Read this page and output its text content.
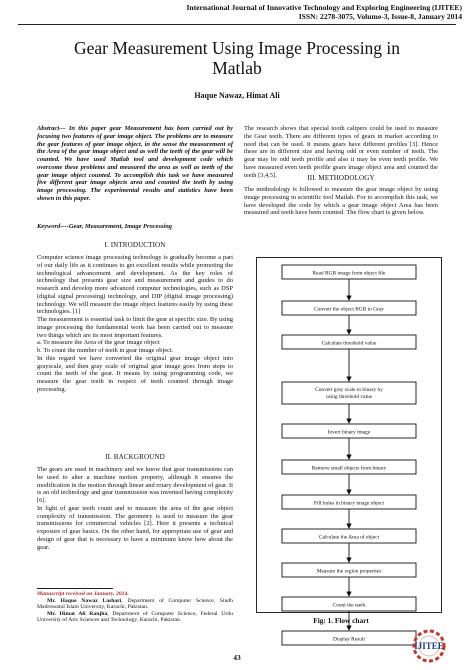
International Journal of Innovative Technology and Exploring Engineering (IJITEE)
ISSN: 2278-3075, Volume-3, Issue-8, January 2014
Gear Measurement Using Image Processing in
Matlab
Haque Nawaz, Himat Ali
Abstract— In this paper gear Measurement has been carried out by focusing two features of gear image object. The problems are to measure the gear features of gear image object, in the sense the measurement of the Area of the gear image object and as well the teeth of the gear will be counted. We have used Matlab tool and development code which overcome these problems and measured the area as well as teeth of the gear image object counted. To accomplish this task we have measured five different gear image objects area and counted the teeth by using image processing. The experimental results and statistics have been shown in this paper.
Keyword----Gear, Measurement, Image Processing
I. INTRODUCTION

Computer science image processing technology is gradually become a part of our daily life as it continues to get excellent results while promoting the technological advancement and development. As the key roles of technology that presents gear size and measurement and guides to do research and develop more advanced computer technologies, such as DSP (digital signal processing) technology, and DIP (digital image processing) technology. We will measure the image object features easily by using these technologies. [1]

The measurement is essential task to limit the gear at specific size. By using image processing the fundamental work has been carried out to measure two things which are its most important features.

a. To measure the Area of the gear image object

b. To count the number of teeth in gear image object.

In this regard we have converted the original gear image object into grayscale, and then gray scale of original gear image goes from steps to count the teeth of the gear. It means by using programming code, we measure the gear teeth in respect of teeth counted through image processing.

II. BACKGROUND

The gears are used in machinery and we know that gear transmissions can be used to alter a machine motion property, although it ensures the modification in the motion through linear and rotary development of gear. It is an old technology and gear transmission was invented having complexity [6].

In light of gear teeth count and to measure the area of the gear object complexity of transmission. The geometry is used to measure the gear transmissions for commercial vehicles [2]. Here it presents a technical exposure of gear basics. On the other hand, for appropriate use of gear and design of gear that is necessary to have a minimum know how about the gear.

Manuscript received on January, 2014.
Mr. Haque Nawaz Lashari, Department of Computer Science, Sindh Madressatul Islam University, Karachi, Pakistan.
Mr. Himat Ali Ranjha, Department of Computer Science, Federal Urdu University of Arts Sciences and Technology, Karachi, Pakistan.
The research shows that special tooth calipers could be used to measure the Gear teeth. There are different types of gears in market according to need that can be used. It means gears have different profiles [3]. Hence these are in different size and having odd or even number of teeth. The gear may be odd teeth profile and also it may be even teeth profile. We have measured even teeth profile gears image object area and counted the teeth [3,4,5].	III. METHODOLOGY
The methodology is followed to measure the gear image object by using image processing in scientific tool Matlab. For to accomplish this task, we have developed the code by which a gear image object Area has been measured and teeth have been counted. The flow chart is given below.
Read RGB image from object file
Convert the object RGB to Gray
Calculate threshold value
Convert gray scale to binary by using threshold value
Invert binary image
Remove small objects from binary
Fill holes in binary image object
Calculate the Area of object
Measure the region properties
Count the teeth
Display Result
Fig: 1. Flow chart
43
IJITEE
